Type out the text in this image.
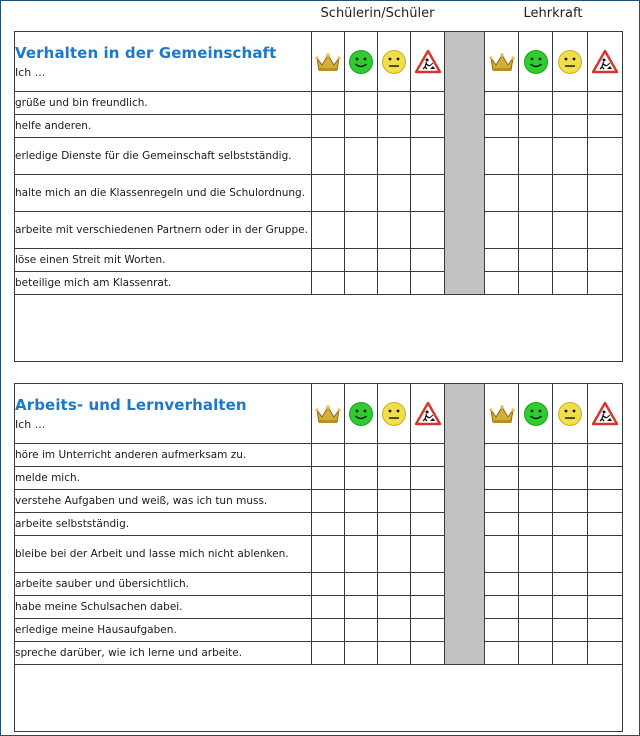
Schülerin/Schüler	Lehrkraft
Verhalten in der Gemeinschaft
Ich ...

grüße und bin freundlich.									
helfe anderen.									
erledige Dienste für die Gemeinschaft selbstständig.									
halte mich an die Klassenregeln und die Schulordnung.									
arbeite mit verschiedenen Partnern oder in der Gruppe.									
löse einen Streit mit Worten.									
beteilige mich am Klassenrat.									

Arbeits- und Lernverhalten
Ich ...

höre im Unterricht anderen aufmerksam zu.									
melde mich.									
verstehe Aufgaben und weiß, was ich tun muss.									
arbeite selbstständig.									
bleibe bei der Arbeit und lasse mich nicht ablenken.									
arbeite sauber und übersichtlich.									
habe meine Schulsachen dabei.									
erledige meine Hausaufgaben.									
spreche darüber, wie ich lerne und arbeite.									
